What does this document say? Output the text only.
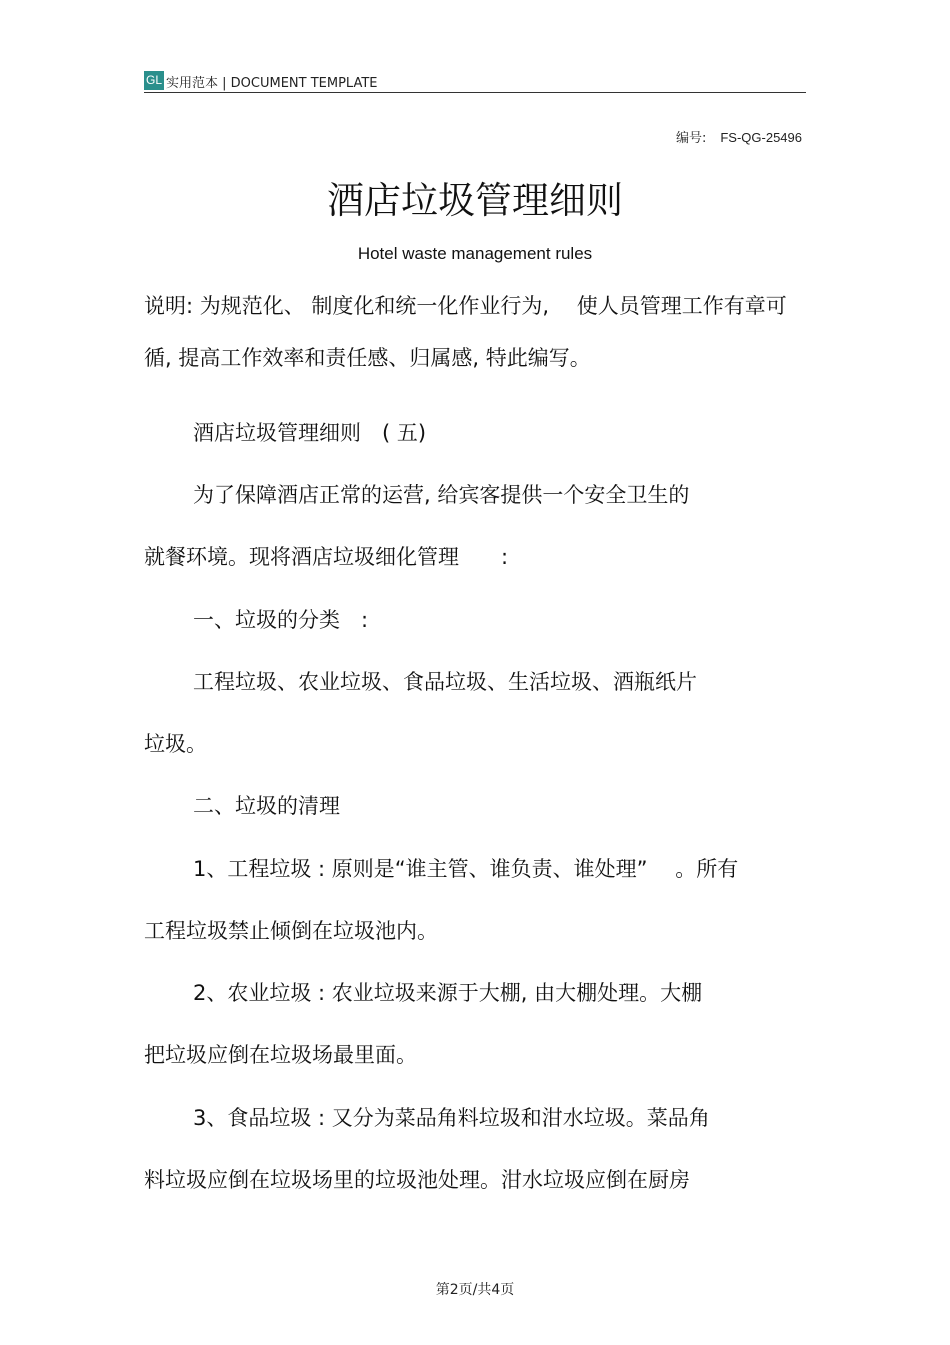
GL 实用范本 | DOCUMENT TEMPLATE
编号: FS-QG-25496
酒店垃圾管理细则
Hotel waste management rules
说明: 为规范化、 制度化和统一化作业行为,　 使人员管理工作有章可
循, 提高工作效率和责任感、归属感, 特此编写。
酒店垃圾管理细则　( 五)
为了保障酒店正常的运营, 给宾客提供一个安全卫生的
就餐环境。现将酒店垃圾细化管理　　:
一、垃圾的分类　:
工程垃圾、农业垃圾、食品垃圾、生活垃圾、酒瓶纸片
垃圾。
二、垃圾的清理
1、工程垃圾 : 原则是“谁主管、谁负责、谁处理”　 。所有
工程垃圾禁止倾倒在垃圾池内。
2、农业垃圾 : 农业垃圾来源于大棚, 由大棚处理。大棚
把垃圾应倒在垃圾场最里面。
3、食品垃圾 : 又分为菜品角料垃圾和泔水垃圾。菜品角
料垃圾应倒在垃圾场里的垃圾池处理。泔水垃圾应倒在厨房
第2页/共4页
